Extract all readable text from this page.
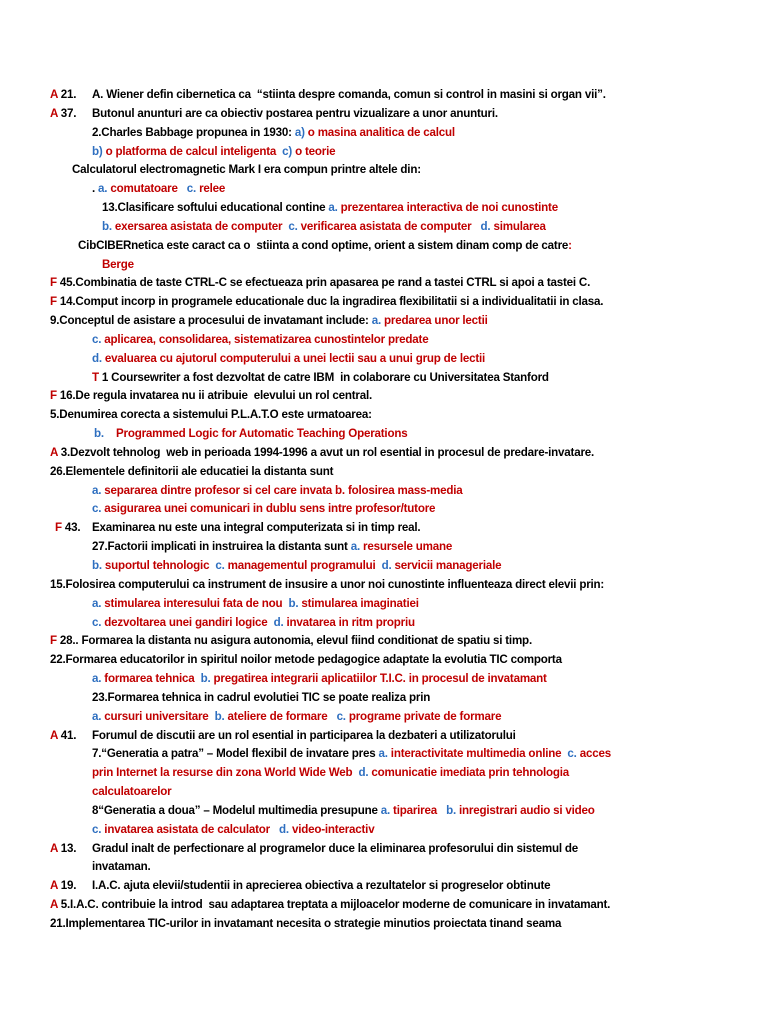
A 21. A. Wiener defin cibernetica ca  “stiinta despre comanda, comun si control in masini si organ vii”.
A 37. Butonul anunturi are ca obiectiv postarea pentru vizualizare a unor anunturi.
2.Charles Babbage propunea in 1930: a) o masina analitica de calcul
b) o platforma de calcul inteligenta  c) o teorie
Calculatorul electromagnetic Mark I era compun printre altele din:
. a. comutatoare   c. relee
13.Clasificare softului educational contine a. prezentarea interactiva de noi cunostinte
b. exersarea asistata de computer  c. verificarea asistata de computer   d. simularea
CibCIBERnetica este caract ca o  stiinta a cond optime, orient a sistem dinam comp de catre:
Berge
F 45.Combinatia de taste CTRL-C se efectueaza prin apasarea pe rand a tastei CTRL si apoi a tastei C.
F 14.Comput incorp in programele educationale duc la ingradirea flexibilitatii si a individualitatii in clasa.
9.Conceptul de asistare a procesului de invatamant include: a. predarea unor lectii
c. aplicarea, consolidarea, sistematizarea cunostintelor predate
d. evaluarea cu ajutorul computerului a unei lectii sau a unui grup de lectii
T 1 Coursewriter a fost dezvoltat de catre IBM  in colaborare cu Universitatea Stanford
F 16.De regula invatarea nu ii atribuie  elevului un rol central.
5.Denumirea corecta a sistemului P.L.A.T.O este urmatoarea:
b.    Programmed Logic for Automatic Teaching Operations
A 3.Dezvolt tehnolog  web in perioada 1994-1996 a avut un rol esential in procesul de predare-invatare.
26.Elementele definitorii ale educatiei la distanta sunt
a. separarea dintre profesor si cel care invata b. folosirea mass-media
c. asigurarea unei comunicari in dublu sens intre profesor/tutore
F 43. Examinarea nu este una integral computerizata si in timp real.
27.Factorii implicati in instruirea la distanta sunt a. resursele umane
b. suportul tehnologic  c. managementul programului  d. servicii manageriale
15.Folosirea computerului ca instrument de insusire a unor noi cunostinte influenteaza direct elevii prin:
a. stimularea interesului fata de nou  b. stimularea imaginatiei
c. dezvoltarea unei gandiri logice  d. invatarea in ritm propriu
F 28.. Formarea la distanta nu asigura autonomia, elevul fiind conditionat de spatiu si timp.
22.Formarea educatorilor in spiritul noilor metode pedagogice adaptate la evolutia TIC comporta
a. formarea tehnica  b. pregatirea integrarii aplicatiilor T.I.C. in procesul de invatamant
23.Formarea tehnica in cadrul evolutiei TIC se poate realiza prin
a. cursuri universitare  b. ateliere de formare   c. programe private de formare
A 41. Forumul de discutii are un rol esential in participarea la dezbateri a utilizatorului
7.“Generatia a patra” – Model flexibil de invatare pres a. interactivitate multimedia online  c. acces
prin Internet la resurse din zona World Wide Web  d. comunicatie imediata prin tehnologia
calculatoarelor
8“Generatia a doua” – Modelul multimedia presupune a. tiparirea   b. inregistrari audio si video
c. invatarea asistata de calculator   d. video-interactiv
A 13. Gradul inalt de perfectionare al programelor duce la eliminarea profesorului din sistemul de
invataman.
A 19. I.A.C. ajuta elevii/studentii in aprecierea obiectiva a rezultatelor si progreselor obtinute
A 5.I.A.C. contribuie la introd  sau adaptarea treptata a mijloacelor moderne de comunicare in invatamant.
21.Implementarea TIC-urilor in invatamant necesita o strategie minutios proiectata tinand seama
